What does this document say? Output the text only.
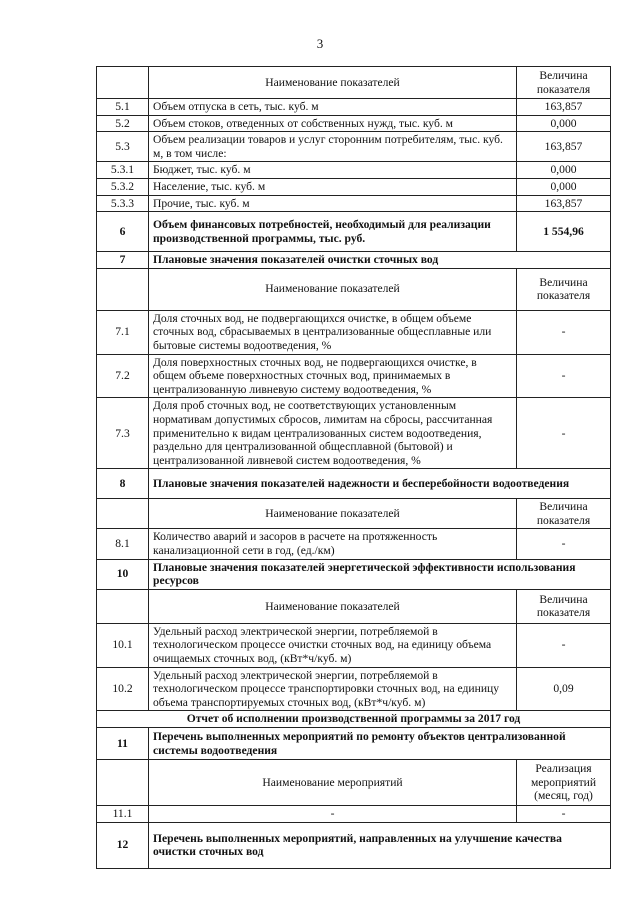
3
	Наименование показателей	Величина показателя
5.1	Объем отпуска в сеть, тыс. куб. м	163,857
5.2	Объем стоков, отведенных от собственных нужд, тыс. куб. м	0,000
5.3	Объем реализации товаров и услуг сторонним потребителям, тыс. куб. м, в том числе:	163,857
5.3.1	Бюджет, тыс. куб. м	0,000
5.3.2	Население, тыс. куб. м	0,000
5.3.3	Прочие, тыс. куб. м	163,857
6	Объем финансовых потребностей, необходимый для реализации производственной программы, тыс. руб.	1 554,96
7	Плановые значения показателей очистки сточных вод	
	Наименование показателей	Величина показателя
7.1	Доля сточных вод, не подвергающихся очистке, в общем объеме сточных вод, сбрасываемых в централизованные общесплавные или бытовые системы водоотведения, %	-
7.2	Доля поверхностных сточных вод, не подвергающихся очистке, в общем объеме поверхностных сточных вод, принимаемых в централизованную ливневую систему водоотведения, %	-
7.3	Доля проб сточных вод, не соответствующих установленным нормативам допустимых сбросов, лимитам на сбросы, рассчитанная применительно к видам централизованных систем водоотведения, раздельно для централизованной общесплавной (бытовой) и централизованной ливневой систем водоотведения, %	-
8	Плановые значения показателей надежности и бесперебойности водоотведения	
	Наименование показателей	Величина показателя
8.1	Количество аварий и засоров в расчете на протяженность канализационной сети в год, (ед./км)	-
10	Плановые значения показателей энергетической эффективности использования ресурсов	
	Наименование показателей	Величина показателя
10.1	Удельный расход электрической энергии, потребляемой в технологическом процессе очистки сточных вод, на единицу объема очищаемых сточных вод, (кВт*ч/куб. м)	-
10.2	Удельный расход электрической энергии, потребляемой в технологическом процессе транспортировки сточных вод, на единицу объема транспортируемых сточных вод, (кВт*ч/куб. м)	0,09
Отчет об исполнении производственной программы за 2017 год		
11	Перечень выполненных мероприятий по ремонту объектов централизованной системы водоотведения	
	Наименование мероприятий	Реализация мероприятий (месяц, год)
11.1	-	-
12	Перечень выполненных мероприятий, направленных на улучшение качества очистки сточных вод	
